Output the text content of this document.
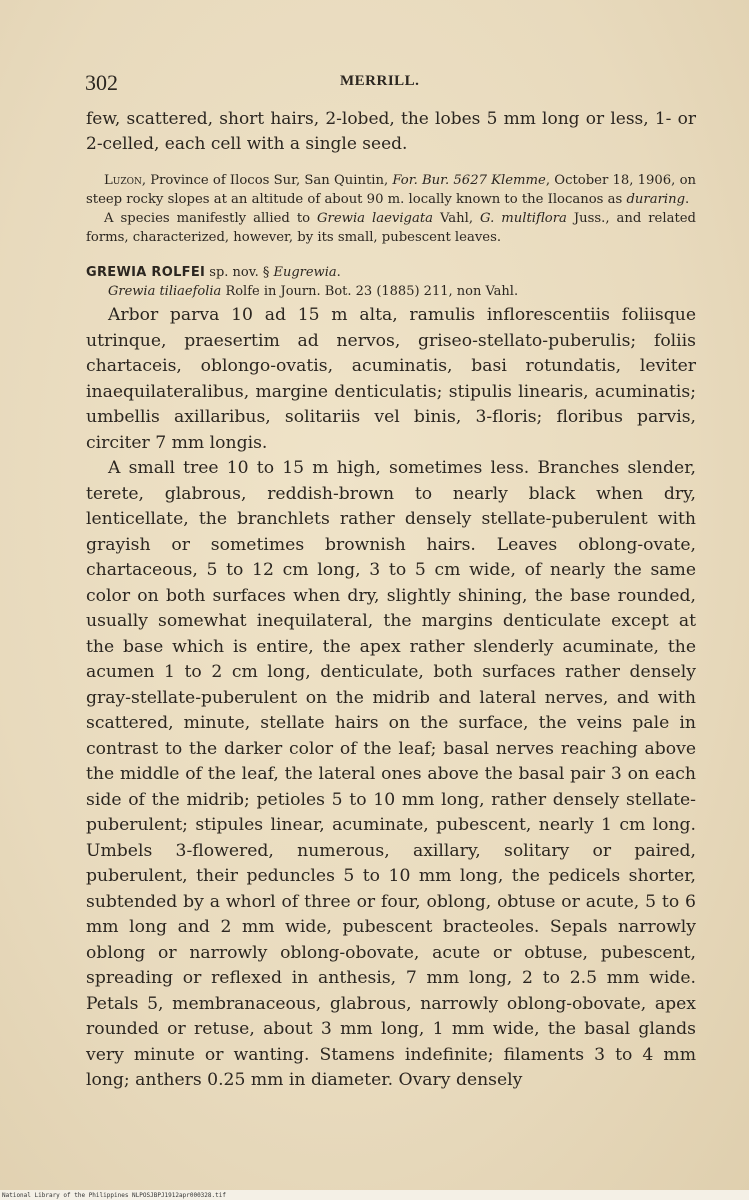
302	MERRILL.

few, scattered, short hairs, 2-lobed, the lobes 5 mm long or less, 1- or 2-celled, each cell with a single seed.

Luzon, Province of Ilocos Sur, San Quintin, For. Bur. 5627 Klemme, October 18, 1906, on steep rocky slopes at an altitude of about 90 m. locally known to the Ilocanos as duraring.

A species manifestly allied to Grewia laevigata Vahl, G. multiflora Juss., and related forms, characterized, however, by its small, pubescent leaves.

GREWIA ROLFEI sp. nov. § Eugrewia.
Grewia tiliaefolia Rolfe in Journ. Bot. 23 (1885) 211, non Vahl.

Arbor parva 10 ad 15 m alta, ramulis inflorescentiis foliisque utrinque, praesertim ad nervos, griseo-stellato-puberulis; foliis chartaceis, oblongo-ovatis, acuminatis, basi rotundatis, leviter inaequilateralibus, margine denticulatis; stipulis linearis, acuminatis; umbellis axillaribus, solitariis vel binis, 3-floris; floribus parvis, circiter 7 mm longis.

A small tree 10 to 15 m high, sometimes less. Branches slender, terete, glabrous, reddish-brown to nearly black when dry, lenticellate, the branchlets rather densely stellate-puberulent with grayish or sometimes brownish hairs. Leaves oblong-ovate, chartaceous, 5 to 12 cm long, 3 to 5 cm wide, of nearly the same color on both surfaces when dry, slightly shining, the base rounded, usually somewhat inequilateral, the margins denticulate except at the base which is entire, the apex rather slenderly acuminate, the acumen 1 to 2 cm long, denticulate, both surfaces rather densely gray-stellate-puberulent on the midrib and lateral nerves, and with scattered, minute, stellate hairs on the surface, the veins pale in contrast to the darker color of the leaf; basal nerves reaching above the middle of the leaf, the lateral ones above the basal pair 3 on each side of the midrib; petioles 5 to 10 mm long, rather densely stellate-puberulent; stipules linear, acuminate, pubescent, nearly 1 cm long. Umbels 3-flowered, numerous, axillary, solitary or paired, puberulent, their peduncles 5 to 10 mm long, the pedicels shorter, subtended by a whorl of three or four, oblong, obtuse or acute, 5 to 6 mm long and 2 mm wide, pubescent bracteoles. Sepals narrowly oblong or narrowly oblong-obovate, acute or obtuse, pubescent, spreading or reflexed in anthesis, 7 mm long, 2 to 2.5 mm wide. Petals 5, membranaceous, glabrous, narrowly oblong-obovate, apex rounded or retuse, about 3 mm long, 1 mm wide, the basal glands very minute or wanting. Stamens indefinite; filaments 3 to 4 mm long; anthers 0.25 mm in diameter. Ovary densely

National Library of the Philippines NLPOSJBPJ1912apr000328.tif
